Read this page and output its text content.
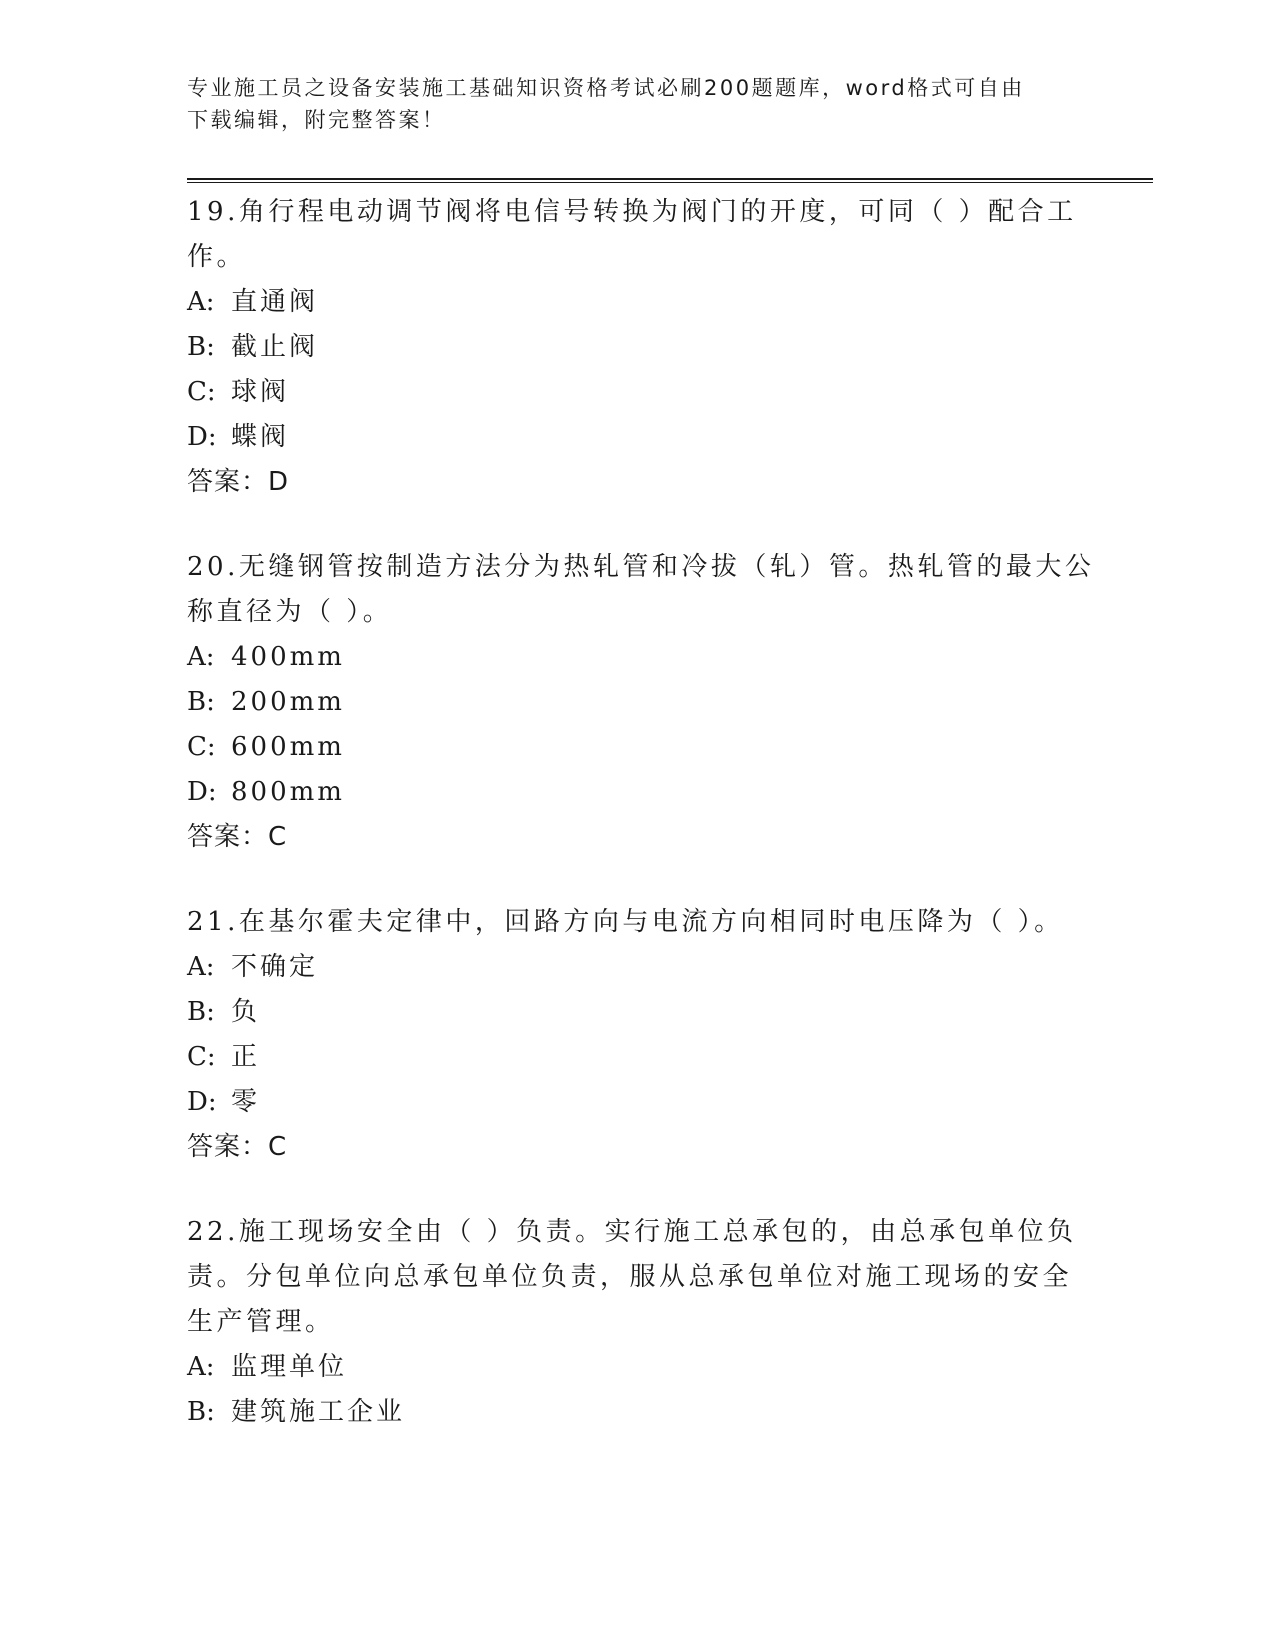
专业施工员之设备安装施工基础知识资格考试必刷200题题库，word格式可自由
下载编辑，附完整答案！
19.角行程电动调节阀将电信号转换为阀门的开度，可同（ ）配合工
作。
A: 直通阀
B: 截止阀
C: 球阀
D: 蝶阀
答案：D
20.无缝钢管按制造方法分为热轧管和冷拔（轧）管。热轧管的最大公
称直径为（ ）。
A: 400mm
B: 200mm
C: 600mm
D: 800mm
答案：C
21.在基尔霍夫定律中，回路方向与电流方向相同时电压降为（ ）。
A: 不确定
B: 负
C: 正
D: 零
答案：C
22.施工现场安全由（ ）负责。实行施工总承包的，由总承包单位负
责。分包单位向总承包单位负责，服从总承包单位对施工现场的安全
生产管理。
A: 监理单位
B: 建筑施工企业
